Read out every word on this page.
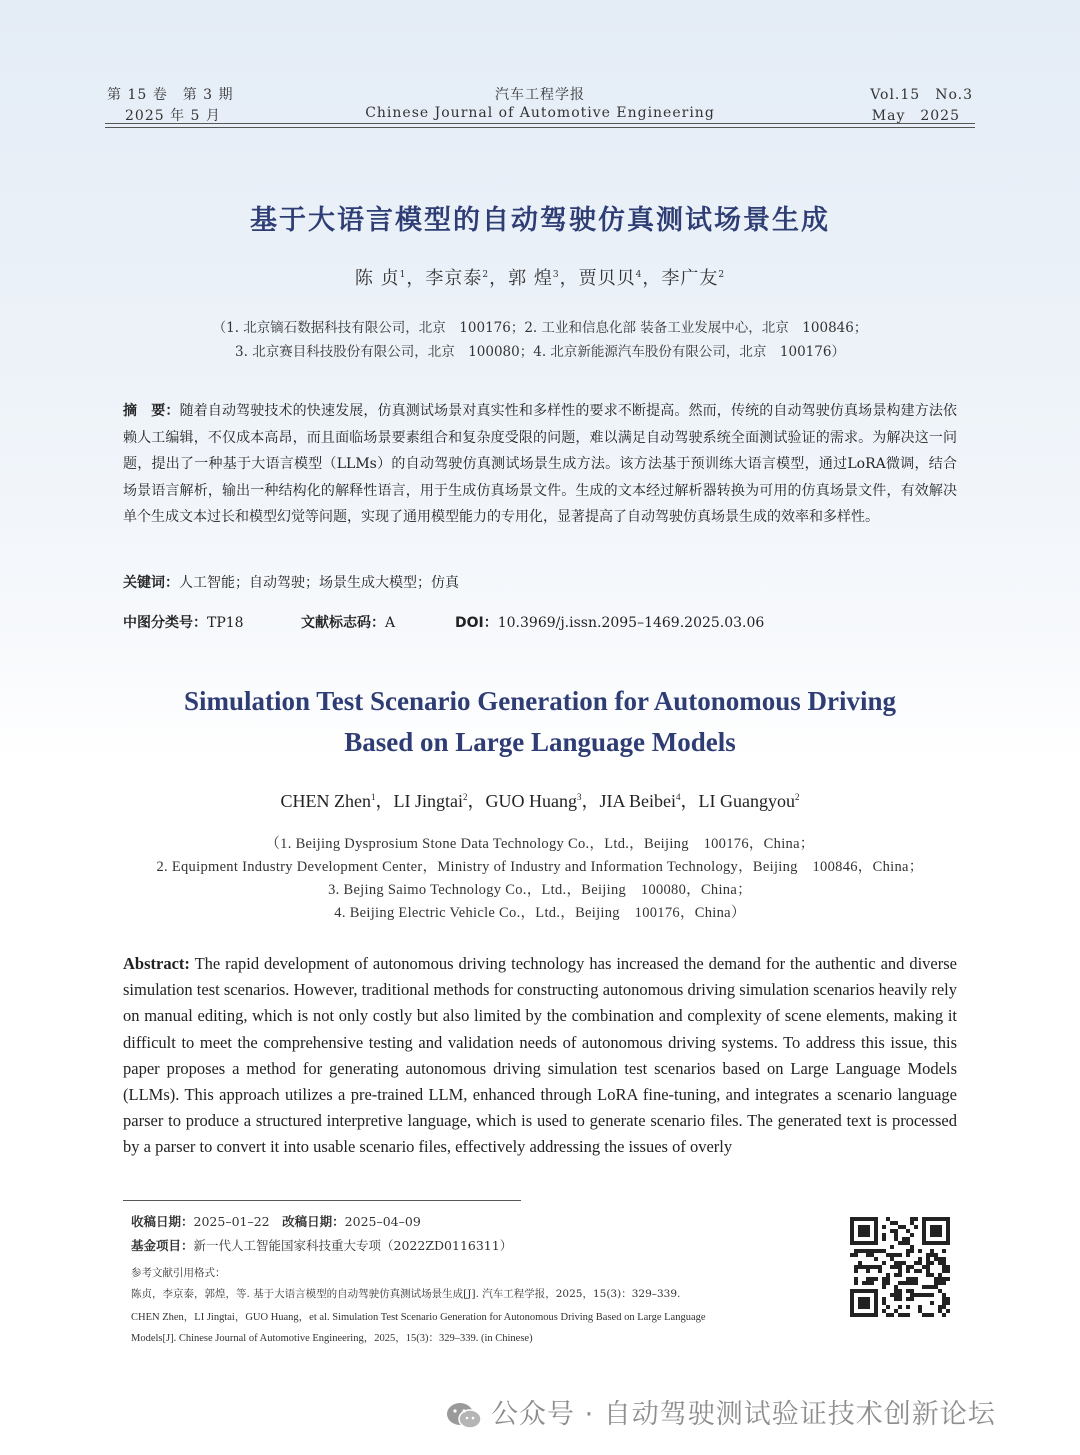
第 15 卷　第 3 期
2025 年 5 月
汽车工程学报
Chinese Journal of Automotive Engineering
Vol.15　No.3
May　2025
基于大语言模型的自动驾驶仿真测试场景生成
陈 贞$^1$，李京泰$^2$，郭 煌$^3$，贾贝贝$^4$，李广友$^2$
（1. 北京镝石数据科技有限公司，北京　100176；2. 工业和信息化部 装备工业发展中心，北京　100846；
3. 北京赛目科技股份有限公司，北京　100080；4. 北京新能源汽车股份有限公司，北京　100176）
摘　要：随着自动驾驶技术的快速发展，仿真测试场景对真实性和多样性的要求不断提高。然而，传统的自动驾驶仿真场景构建方法依赖人工编辑，不仅成本高昂，而且面临场景要素组合和复杂度受限的问题，难以满足自动驾驶系统全面测试验证的需求。为解决这一问题，提出了一种基于大语言模型（LLMs）的自动驾驶仿真测试场景生成方法。该方法基于预训练大语言模型，通过LoRA微调，结合场景语言解析，输出一种结构化的解释性语言，用于生成仿真场景文件。生成的文本经过解析器转换为可用的仿真场景文件，有效解决单个生成文本过长和模型幻觉等问题，实现了通用模型能力的专用化，显著提高了自动驾驶仿真场景生成的效率和多样性。
关键词：人工智能；自动驾驶；场景生成大模型；仿真
中图分类号：TP18	文献标志码：A	DOI：10.3969/j.issn.2095–1469.2025.03.06
Simulation Test Scenario Generation for Autonomous Driving
Based on Large Language Models
CHEN Zhen$^1$，LI Jingtai$^2$，GUO Huang$^3$，JIA Beibei$^4$，LI Guangyou$^2$
（1. Beijing Dysprosium Stone Data Technology Co.，Ltd.，Beijing　100176，China；
2. Equipment Industry Development Center，Ministry of Industry and Information Technology，Beijing　100846，China；
3. Bejing Saimo Technology Co.，Ltd.，Beijing　100080，China；
4. Beijing Electric Vehicle Co.，Ltd.，Beijing　100176，China）
Abstract: The rapid development of autonomous driving technology has increased the demand for the authentic and diverse simulation test scenarios. However, traditional methods for constructing autonomous driving simulation scenarios heavily rely on manual editing, which is not only costly but also limited by the combination and complexity of scene elements, making it difficult to meet the comprehensive testing and validation needs of autonomous driving systems. To address this issue, this paper proposes a method for generating autonomous driving simulation test scenarios based on Large Language Models (LLMs). This approach utilizes a pre-trained LLM, enhanced through LoRA fine-tuning, and integrates a scenario language parser to produce a structured interpretive language, which is used to generate scenario files. The generated text is processed by a parser to convert it into usable scenario files, effectively addressing the issues of overly
收稿日期：2025–01–22　 改稿日期：2025–04–09
基金项目：新一代人工智能国家科技重大专项（2022ZD0116311）
参考文献引用格式：
陈贞，李京泰，郭煌，等. 基于大语言模型的自动驾驶仿真测试场景生成[J]. 汽车工程学报，2025，15(3)：329–339.
CHEN Zhen，LI Jingtai，GUO Huang，et al. Simulation Test Scenario Generation for Autonomous Driving Based on Large Language
Models[J]. Chinese Journal of Automotive Engineering，2025，15(3)：329–339. (in Chinese)
公众号 · 自动驾驶测试验证技术创新论坛
